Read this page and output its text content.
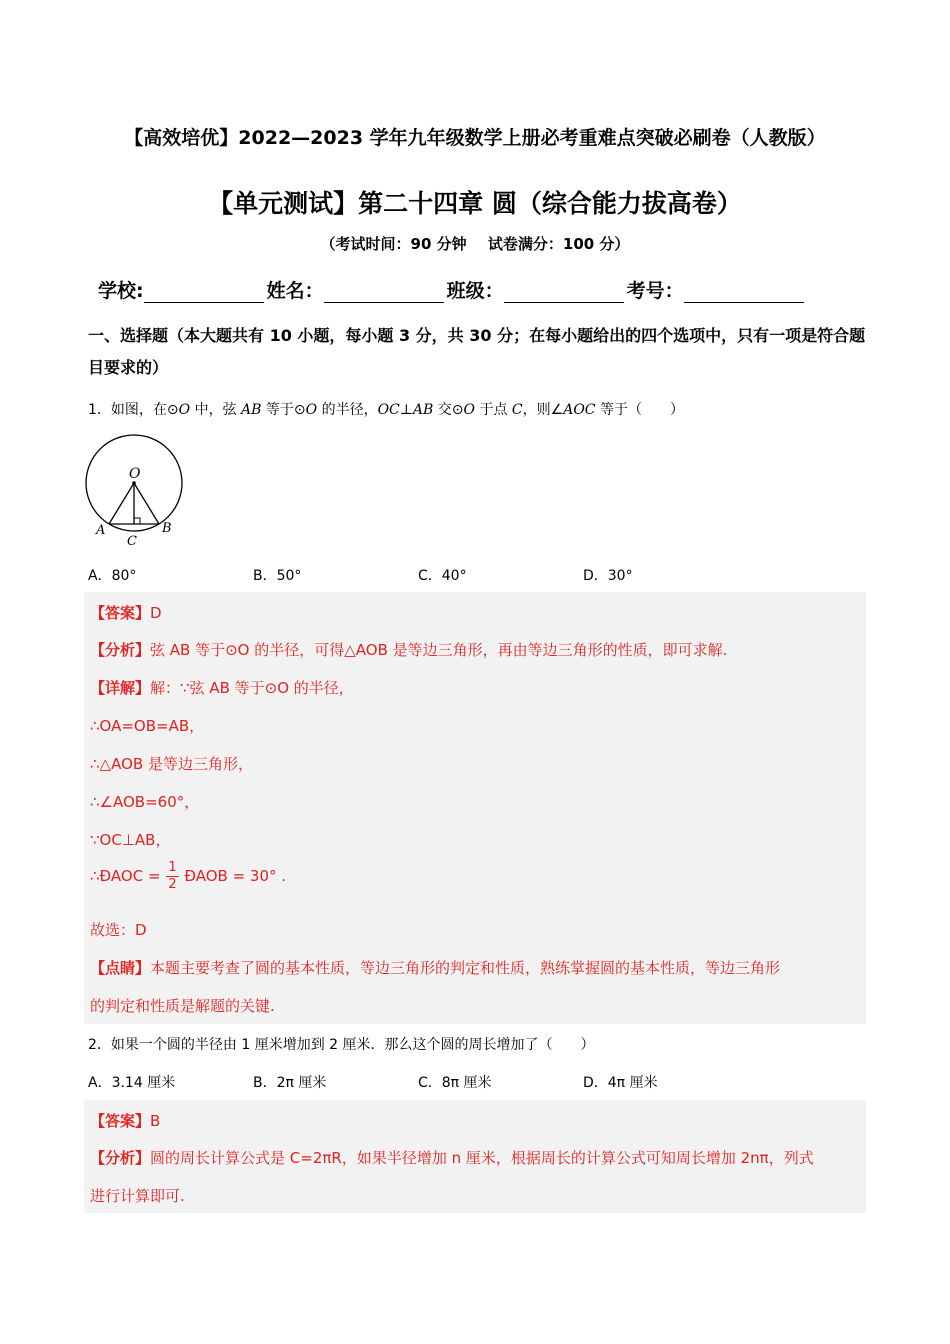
【高效培优】2022—2023 学年九年级数学上册必考重难点突破必刷卷（人教版）
【单元测试】第二十四章 圆（综合能力拔高卷）
（考试时间：90 分钟 试卷满分：100 分）
学校:	姓名：	班级：	考号：
一、选择题（本大题共有 10 小题，每小题 3 分，共 30 分；在每小题给出的四个选项中，只有一项是符合题目要求的）
1．如图，在⊙O 中，弦 AB 等于⊙O 的半径，OC⊥AB 交⊙O 于点 C，则∠AOC 等于（　　）
O
A	B
C
A．80°	B．50°	C．40°	D．30°
【答案】D
【分析】弦 AB 等于⊙O 的半径，可得△AOB 是等边三角形，再由等边三角形的性质，即可求解.
【详解】解：∵弦 AB 等于⊙O 的半径，
∴OA=OB=AB，
∴△AOB 是等边三角形，
∴∠AOB=60°，
∵OC⊥AB，
∴ÐAOC = $\frac{1}{2}$ ÐAOB = 30° .
故选：D
【点睛】本题主要考查了圆的基本性质，等边三角形的判定和性质，熟练掌握圆的基本性质，等边三角形
的判定和性质是解题的关键.
2．如果一个圆的半径由 1 厘米增加到 2 厘米．那么这个圆的周长增加了（　　）
A．3.14 厘米	B．2π 厘米	C．8π 厘米	D．4π 厘米
【答案】B
【分析】圆的周长计算公式是 C=2πR，如果半径增加 n 厘米，根据周长的计算公式可知周长增加 2nπ，列式
进行计算即可.
